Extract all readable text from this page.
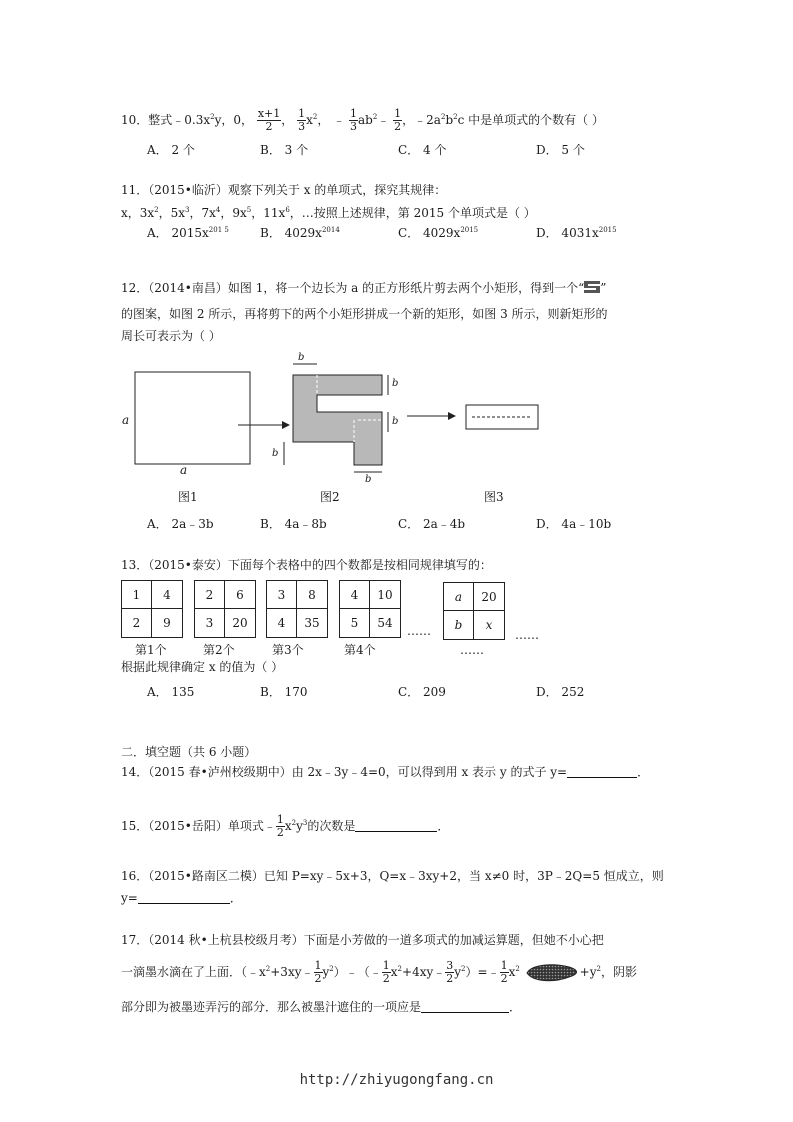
10．整式$﹣0.3x^2y$，0， $\frac{x+1}{2}$ ， $\frac{1}{3} x^2$， ﹣ $\frac{1}{3}$ $ab^2﹣ \frac{1}{2}$ ，$﹣2a^2b^2c$ 中是单项式的个数有（ ）
A． 2 个	B． 3 个	C． 4 个	D． 5 个
11．（2015•临沂）观察下列关于 x 的单项式，探究其规律：
x，$3x^2$，$5x^3$，$7x^4$，$9x^5$，$11x^6$，…按照上述规律，第 2015 个单项式是（ ）
A． $2015x^{201 5}$	B． $4029x^{2014}$	C． $4029x^{2015}$	D． $4031x^{2015}$
12．（2014•南昌）如图 1，将一个边长为 a 的正方形纸片剪去两个小矩形，得到一个“ ”
的图案，如图 2 所示，再将剪下的两个小矩形拼成一个新的矩形，如图 3 所示，则新矩形的
周长可表示为（ ）
a
a
b
b
b
b
b
图1	图2	图3
A． 2a﹣3b	B． 4a﹣8b	C． 2a﹣4b	D． 4a﹣10b
13．（2015•泰安）下面每个表格中的四个数都是按相同规律填写的：
1	4
2	9
2	6
3	20
3	8
4	35
4	10
5	54
……
a	20
b	x
……
第1个	第2个	第3个	第4个	……
根据此规律确定 x 的值为（ ）
A． 135	B． 170	C． 209	D． 252
二．填空题（共 6 小题）
14．（2015 春•泸州校级期中）由 2x﹣3y﹣4=0，可以得到用 x 表示 y 的式子 y=	．
15．（2015•岳阳）单项式﹣ $\frac{1}{2} x^2y^3$的次数是	．
16．（2015•路南区二模）已知 P=xy﹣5x+3，Q=x﹣3xy+2，当 x≠0 时，3P﹣2Q=5 恒成立，则
y=	．
17．（2014 秋•上杭县校级月考）下面是小芳做的一道多项式的加减运算题，但她不小心把
一滴墨水滴在了上面．（$﹣x^2+3xy﹣ \frac{1}{2}$ $y^2)﹣(﹣ \frac{1}{2}$ $x^2+4xy﹣ \frac{3}{2}$ $y^2)=﹣ \frac{1}{2} x^2$	$+y^2$，阴影
部分即为被墨迹弄污的部分．那么被墨汁遮住的一项应是	．
http://zhiyugongfang.cn
